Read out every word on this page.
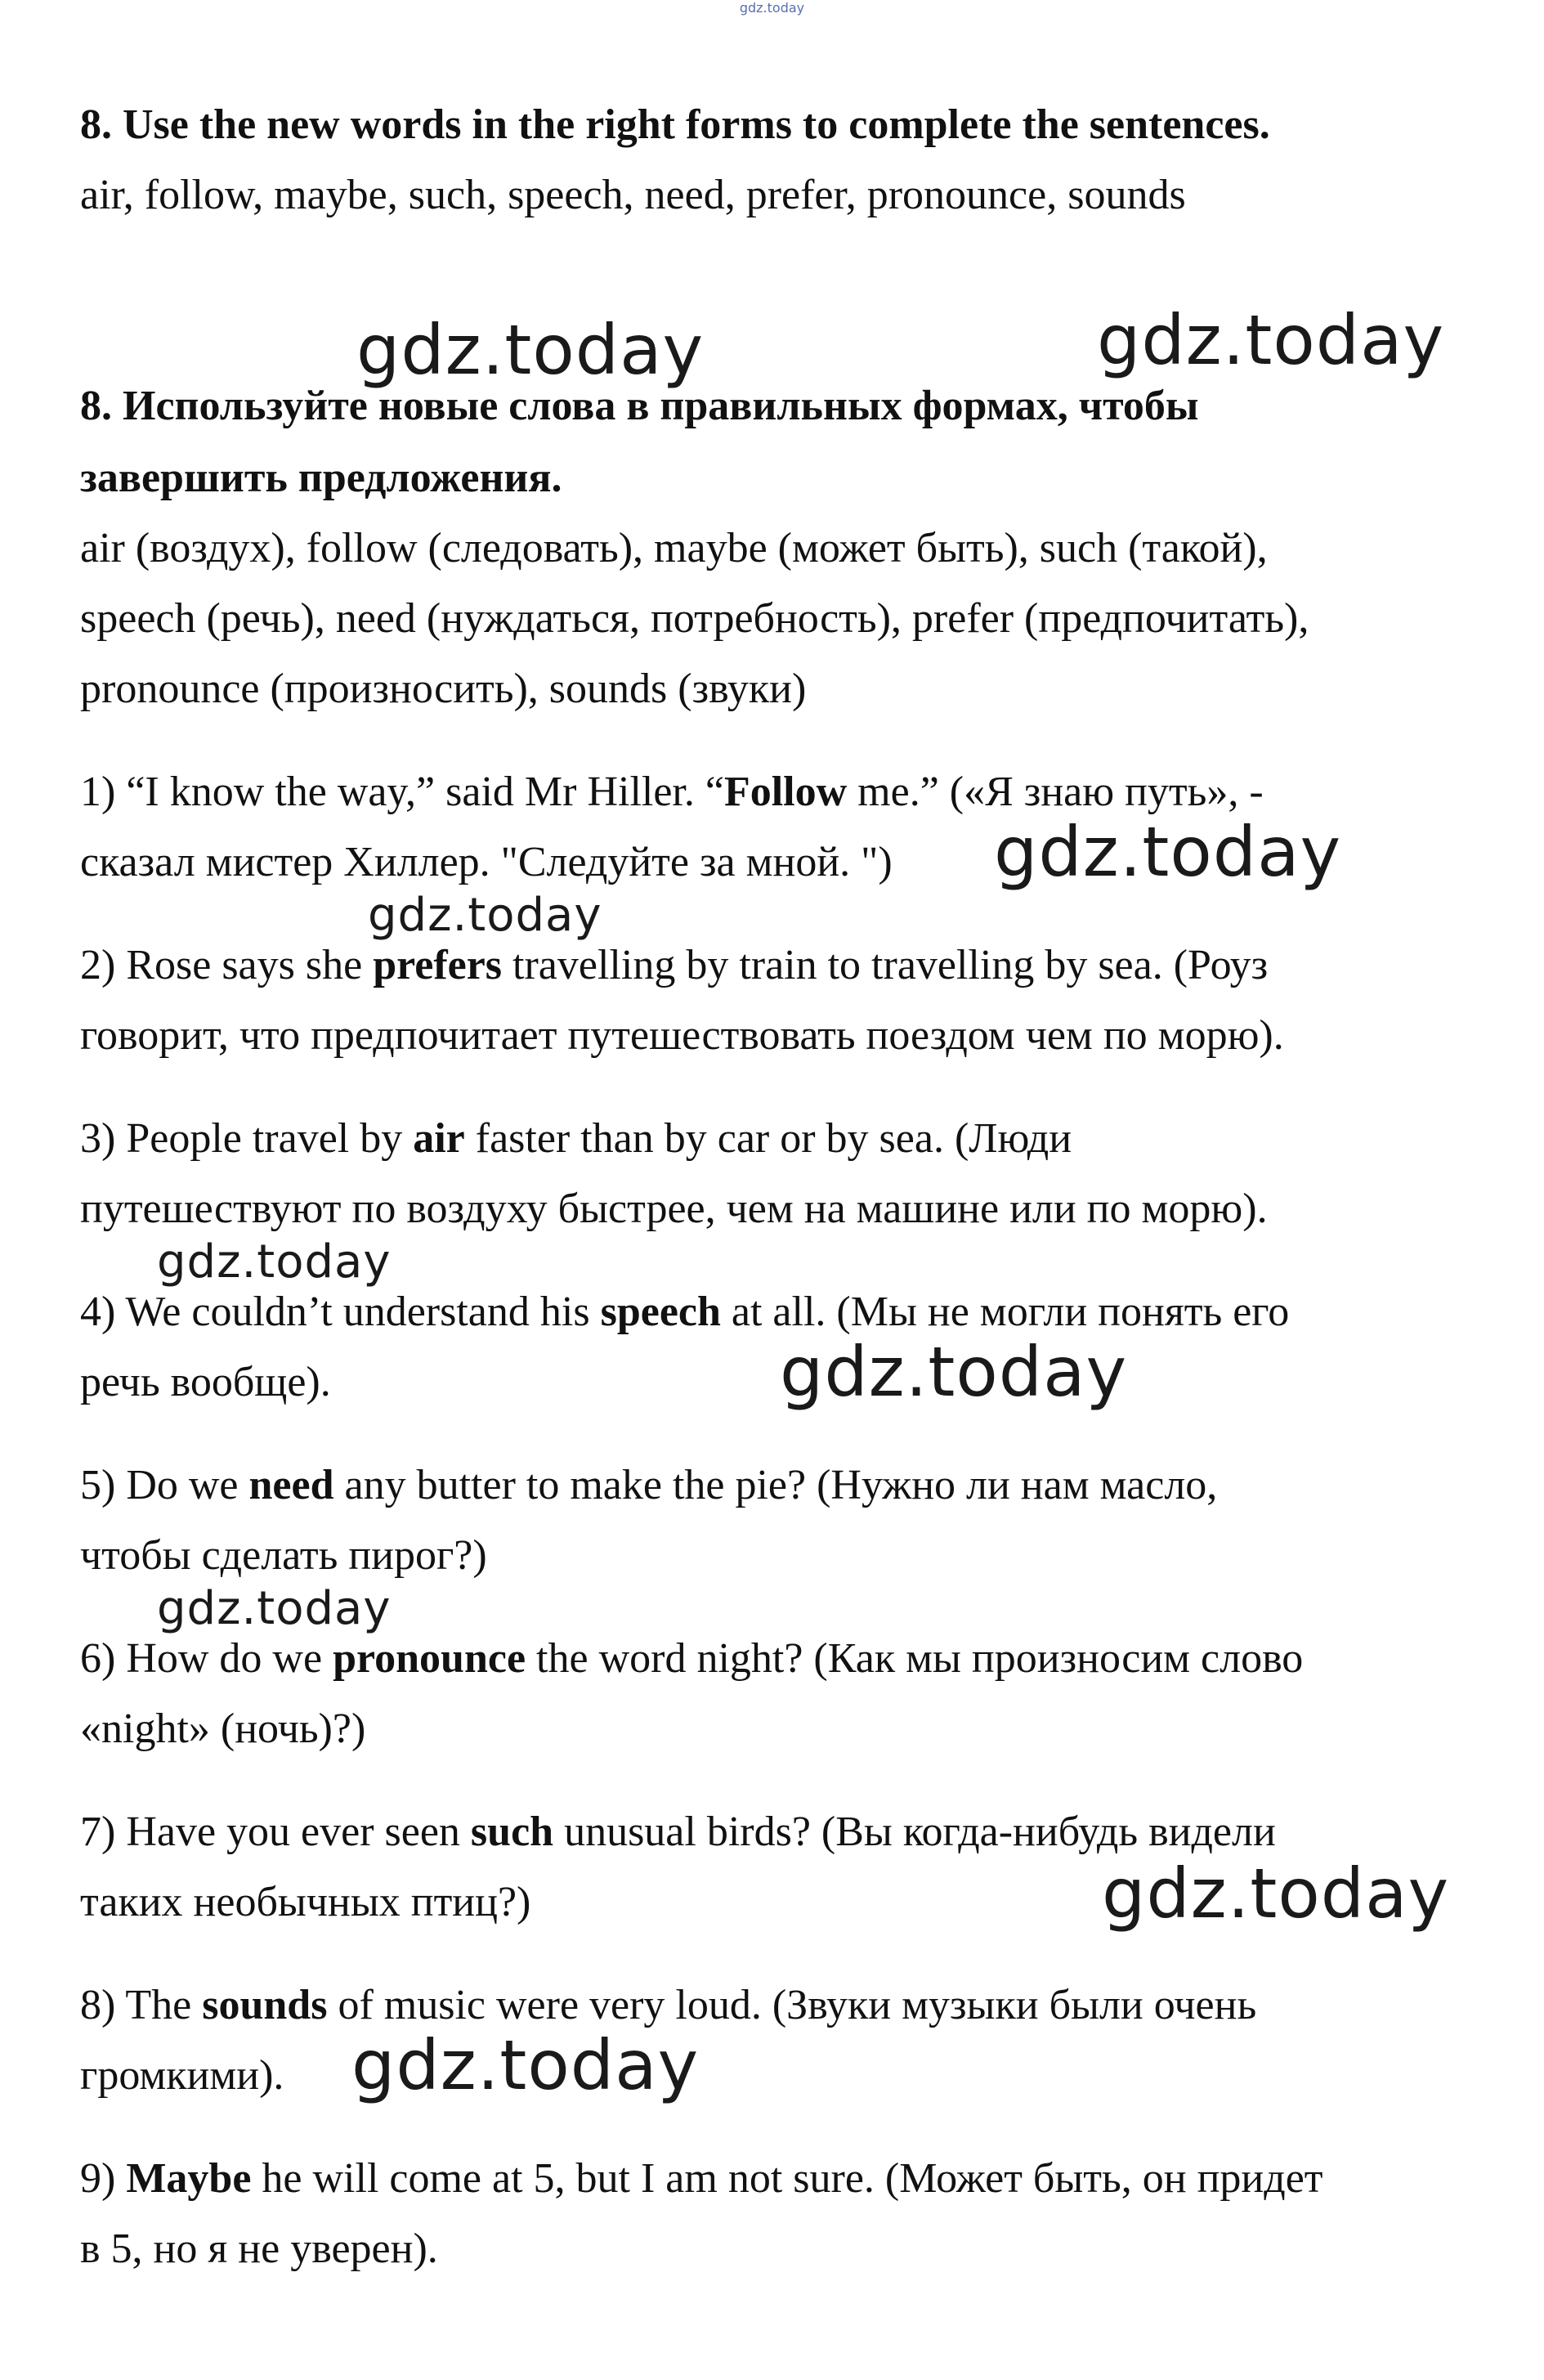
gdz.today
8. Use the new words in the right forms to complete the sentences.
air, follow, maybe, such, speech, need, prefer, pronounce, sounds
8. Используйте новые слова в правильных формах, чтобы
завершить предложения.
air (воздух), follow (следовать), maybe (может быть), such (такой),
speech (речь), need (нуждаться, потребность), prefer (предпочитать),
pronounce (произносить), sounds (звуки)
1) “I know the way,” said Mr Hiller. “Follow me.” («Я знаю путь», -
сказал мистер Хиллер. "Следуйте за мной. ")
2) Rose says she prefers travelling by train to travelling by sea. (Роуз
говорит, что предпочитает путешествовать поездом чем по морю).
3) People travel by air faster than by car or by sea. (Люди
путешествуют по воздуху быстрее, чем на машине или по морю).
4) We couldn’t understand his speech at all. (Мы не могли понять его
речь вообще).
5) Do we need any butter to make the pie? (Нужно ли нам масло,
чтобы сделать пирог?)
6) How do we pronounce the word night? (Как мы произносим слово
«night» (ночь)?)
7) Have you ever seen such unusual birds? (Вы когда-нибудь видели
таких необычных птиц?)
8) The sounds of music were very loud. (Звуки музыки были очень
громкими).
9) Maybe he will come at 5, but I am not sure. (Может быть, он придет
в 5, но я не уверен).
gdz.today	gdz.today
gdz.today
gdz.today
gdz.today
gdz.today
gdz.today
gdz.today
gdz.today
